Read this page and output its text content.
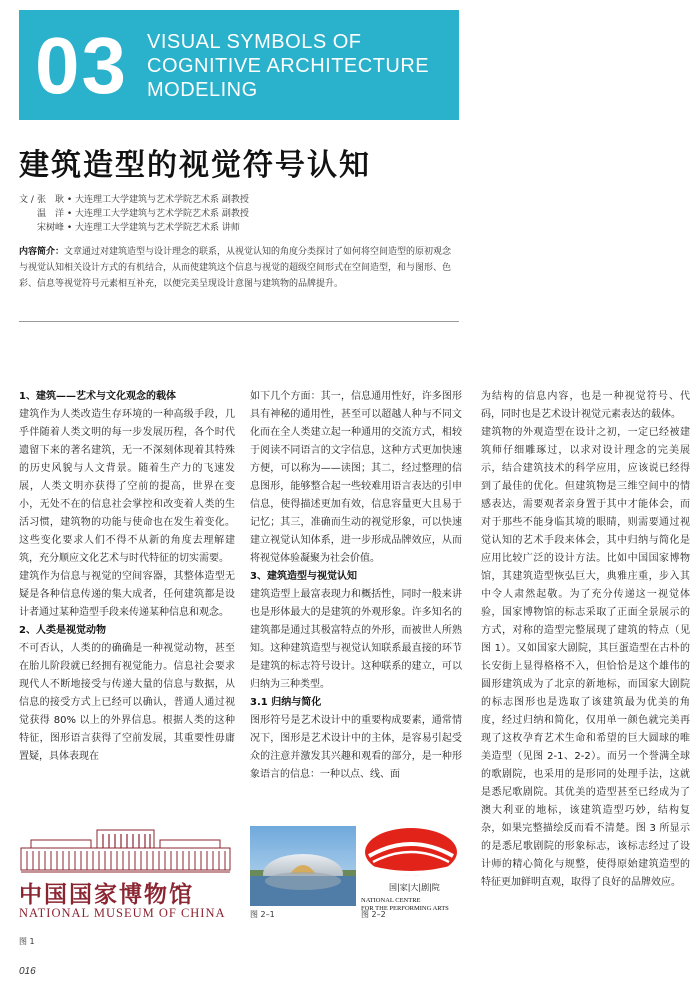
03 VISUAL SYMBOLS OF
COGNITIVE ARCHITECTURE
MODELING
建筑造型的视觉符号认知
文 / 张　耿 • 大连理工大学建筑与艺术学院艺术系 副教授
温　洋 • 大连理工大学建筑与艺术学院艺术系 副教授
宋树峰 • 大连理工大学建筑与艺术学院艺术系 讲师
内容简介：文章通过对建筑造型与设计理念的联系，从视觉认知的角度分类探讨了如何将空间造型的原初观念与视觉认知相关设计方式的有机结合，从而使建筑这个信息与视觉的超级空间形式在空间造型，和与图形、色彩、信息等视觉符号元素相互补充，以便完美呈现设计意图与建筑物的品牌提升。
1、建筑——艺术与文化观念的载体

建筑作为人类改造生存环境的一种高级手段，几乎伴随着人类文明的每一步发展历程，各个时代遗留下来的著名建筑，无一不深刻体现着其特殊的历史风貌与人文背景。随着生产力的飞速发展，人类文明亦获得了空前的提高，世界在变小，无处不在的信息社会掌控和改变着人类的生活习惯，建筑物的功能与使命也在发生着变化。这些变化要求人们不得不从新的角度去理解建筑，充分顺应文化艺术与时代特征的切实需要。

建筑作为信息与视觉的空间容器，其整体造型无疑是各种信息传递的集大成者，任何建筑都是设计者通过某种造型手段来传递某种信息和观念。

2、人类是视觉动物

不可否认，人类的的确确是一种视觉动物，甚至在胎儿阶段就已经拥有视觉能力。信息社会要求现代人不断地接受与传递大量的信息与数据，从信息的接受方式上已经可以确认，普通人通过视觉获得 80% 以上的外界信息。根据人类的这种特征，图形语言获得了空前发展，其重要性毋庸置疑，具体表现在

如下几个方面：其一，信息通用性好，许多图形具有神秘的通用性，甚至可以超越人种与不同文化而在全人类建立起一种通用的交流方式，相较于阅读不同语言的文字信息，这种方式更加快速方便，可以称为——读图；其二，经过整理的信息图形，能够整合起一些较难用语言表达的引申信息，使得描述更加有效，信息容量更大且易于记忆；其三，准确而生动的视觉形象，可以快速建立视觉认知体系，进一步形成品牌效应，从而将视觉体验凝聚为社会价值。

3、建筑造型与视觉认知

建筑造型上最富表现力和概括性，同时一般来讲也是形体最大的是建筑的外观形象。许多知名的建筑都是通过其极富特点的外形，而被世人所熟知。这种建筑造型与视觉认知联系最直接的环节是建筑的标志符号设计。这种联系的建立，可以归纳为三种类型。

3.1 归纳与简化

图形符号是艺术设计中的重要构成要素，通常情况下，图形是艺术设计中的主体，是容易引起受众的注意并激发其兴趣和观看的部分，是一种形象语言的信息：一种以点、线、面

为结构的信息内容，也是一种视觉符号、代码，同时也是艺术设计视觉元素表达的载体。

建筑物的外观造型在设计之初，一定已经被建筑师仔细雕琢过，以求对设计理念的完美展示，结合建筑技术的科学应用，应该说已经得到了最佳的优化。但建筑物是三维空间中的情感表达，需要观者亲身置于其中才能体会，而对于那些不能身临其境的眼睛，则需要通过视觉认知的艺术手段来体会，其中归纳与简化是应用比较广泛的设计方法。比如中国国家博物馆，其建筑造型恢弘巨大，典雅庄重，步入其中令人肃然起敬。为了充分传递这一视觉体验，国家博物馆的标志采取了正面全景展示的方式，对称的造型完整展现了建筑的特点（见图 1）。又如国家大剧院，其巨蛋造型在古朴的长安街上显得格格不入，但恰恰是这个雄伟的圆形建筑成为了北京的新地标，而国家大剧院的标志图形也是选取了该建筑最为优美的角度，经过归纳和简化，仅用单一颜色就完美再现了这枚孕育艺术生命和希望的巨大圆球的唯美造型（见图 2-1、2-2）。而另一个誉满全球的歌剧院，也采用的是形同的处理手法，这就是悉尼歌剧院。其优美的造型甚至已经成为了澳大利亚的地标，该建筑造型巧妙，结构复杂，如果完整描绘反而看不清楚。图 3 所显示的是悉尼歌剧院的形象标志，该标志经过了设计师的精心简化与规整，使得原始建筑造型的特征更加鲜明直观，取得了良好的品牌效应。

中国国家博物馆
NATIONAL MUSEUM OF CHINA
图 1
图 2–1
国|家|大|剧|院
NATIONAL CENTRE
FOR THE PERFORMING ARTS
图 2–2
016
